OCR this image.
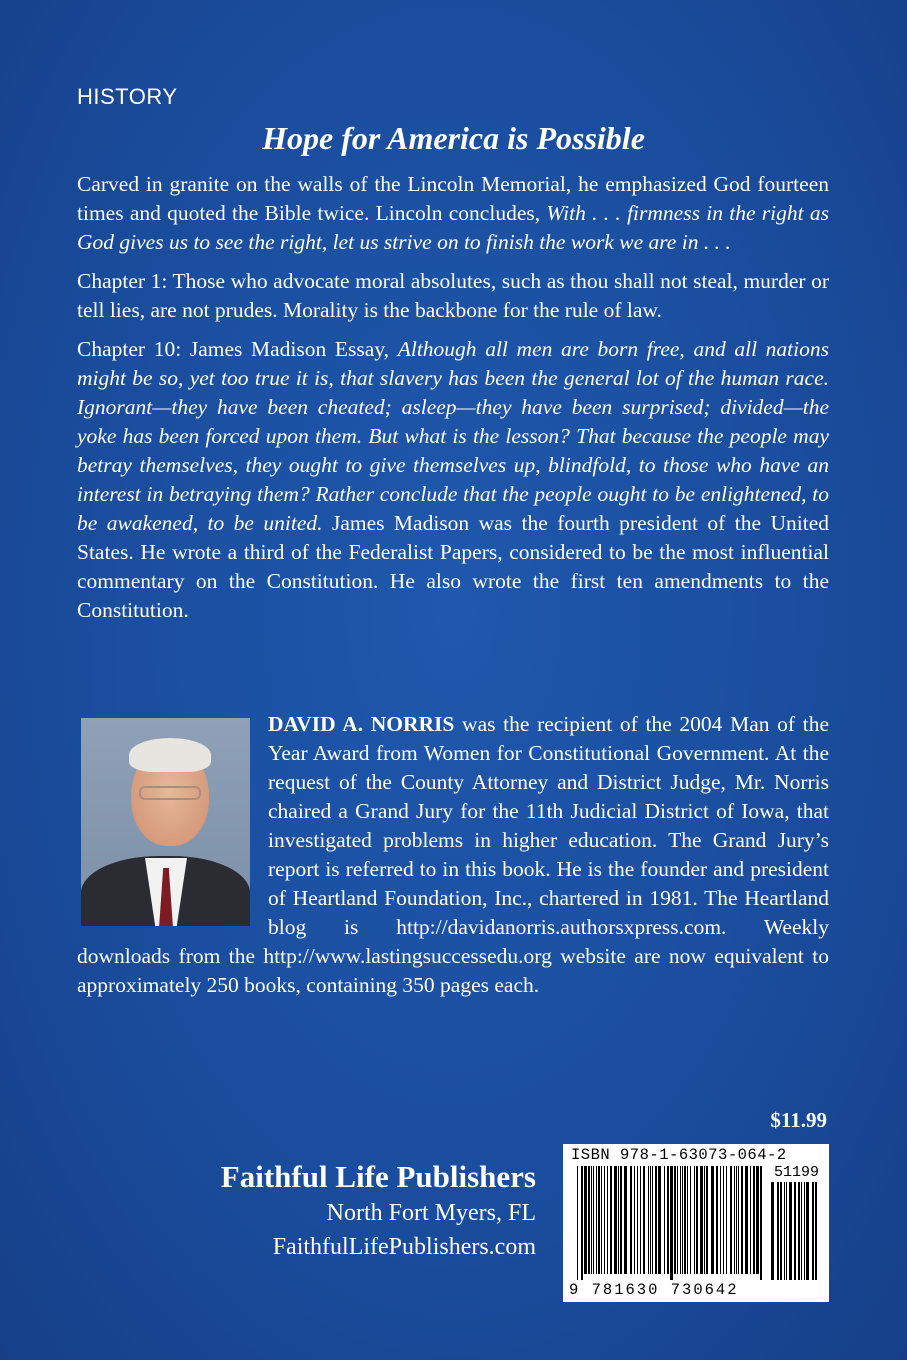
HISTORY
Hope for America is Possible

Carved in granite on the walls of the Lincoln Memorial, he emphasized God fourteen times and quoted the Bible twice. Lincoln concludes, With . . . firmness in the right as God gives us to see the right, let us strive on to finish the work we are in . . .

Chapter 1: Those who advocate moral absolutes, such as thou shall not steal, murder or tell lies, are not prudes. Morality is the backbone for the rule of law.

Chapter 10: James Madison Essay, Although all men are born free, and all nations might be so, yet too true it is, that slavery has been the general lot of the human race. Ignorant—they have been cheated; asleep—they have been surprised; divided—the yoke has been forced upon them. But what is the lesson? That because the people may betray themselves, they ought to give themselves up, blindfold, to those who have an interest in betraying them? Rather conclude that the people ought to be enlightened, to be awakened, to be united. James Madison was the fourth president of the United States. He wrote a third of the Federalist Papers, considered to be the most influential commentary on the Constitution. He also wrote the first ten amendments to the Constitution.

DAVID A. NORRIS was the recipient of the 2004 Man of the Year Award from Women for Constitutional Government. At the request of the County Attorney and District Judge, Mr. Norris chaired a Grand Jury for the 11th Judicial District of Iowa, that investigated problems in higher education. The Grand Jury’s report is referred to in this book. He is the founder and president of Heartland Foundation, Inc., chartered in 1981. The Heartland blog is http://davidanorris.authorsxpress.com. Weekly downloads from the http://www.lastingsuccessedu.org website are now equivalent to approximately 250 books, containing 350 pages each.
$11.99
Faithful Life Publishers
North Fort Myers, FL
FaithfulLifePublishers.com
ISBN 978-1-63073-064-2
51199
9 781630 730642
